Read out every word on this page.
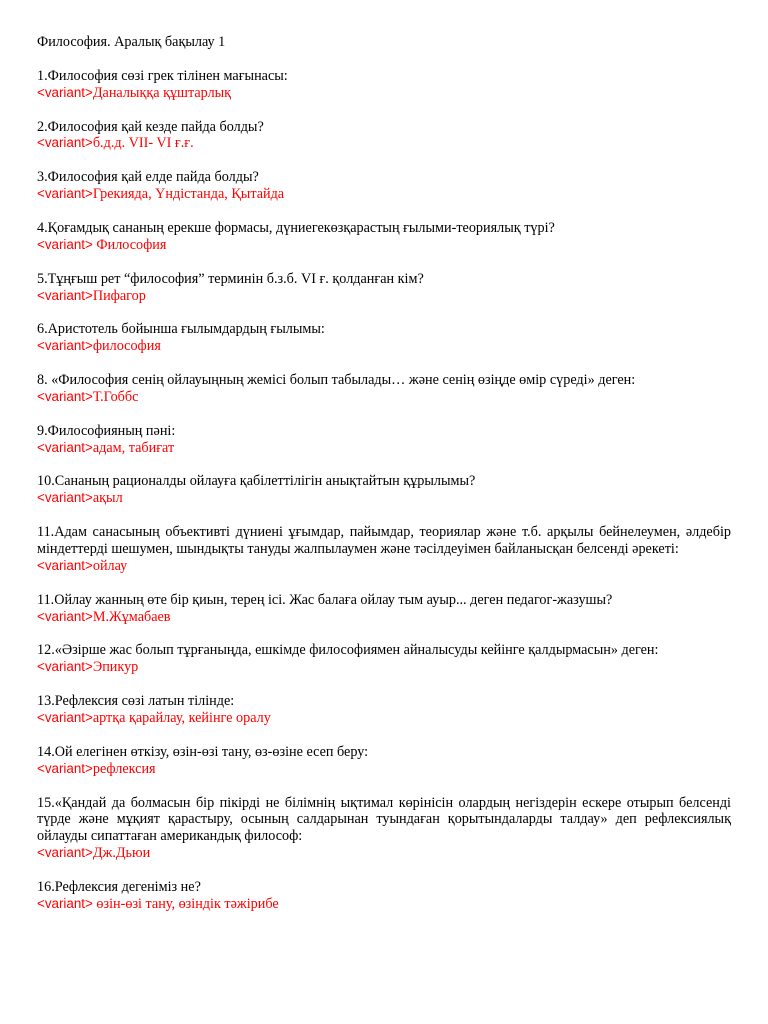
Философия. Аралық бақылау 1
1.Философия сөзі грек тілінен мағынасы:
<variant>Даналыққа құштарлық
2.Философия қай кезде пайда болды?
<variant>б.д.д. VII- VI ғ.ғ.
3.Философия қай елде пайда болды?
<variant>Грекияда, Үндістанда, Қытайда
4.Қоғамдық сананың ерекше формасы, дүниегекөзқарастың ғылыми-теориялық түрі?
<variant> Философия
5.Тұңғыш рет “философия” терминін б.з.б. VI ғ. қолданған кім?
<variant>Пифагор
6.Аристотель бойынша ғылымдардың ғылымы:
<variant>философия
8. «Философия сенің ойлауыңның жемісі болып табылады… және сенің өзіңде өмір сүреді» деген:
<variant>Т.Гоббс
9.Философияның пәні:
<variant>адам, табиғат
10.Сананың рационалды ойлауға қабілеттілігін анықтайтын құрылымы?
<variant>ақыл
11.Адам санасының объективті дүниені ұғымдар, пайымдар, теориялар және т.б. арқылы бейнелеумен, әлдебір міндеттерді шешумен, шындықты тануды жалпылаумен және тәсілдеуімен байланысқан белсенді әрекеті:
<variant>ойлау
11.Ойлау жанның өте бір қиын, терең ісі. Жас балаға ойлау тым ауыр... деген педагог-жазушы?
<variant>М.Жұмабаев
12.«Әзірше жас болып тұрғаныңда, ешкімде философиямен айналысуды кейінге қалдырмасын» деген:
<variant>Эпикур
13.Рефлексия сөзі латын тілінде:
<variant>артқа қарайлау, кейінге оралу
14.Ой елегінен өткізу, өзін-өзі тану, өз-өзіне есеп беру:
<variant>рефлексия
15.«Қандай да болмасын бір пікірді не білімнің ықтимал көрінісін олардың негіздерін ескере отырып белсенді түрде және мұқият қарастыру, осының салдарынан туындаған қорытындаларды талдау» деп рефлексиялық ойлауды сипаттаған американдық философ:
<variant>Дж.Дьюи
16.Рефлексия дегеніміз не?
<variant> өзін-өзі тану, өзіндік тәжірибе
